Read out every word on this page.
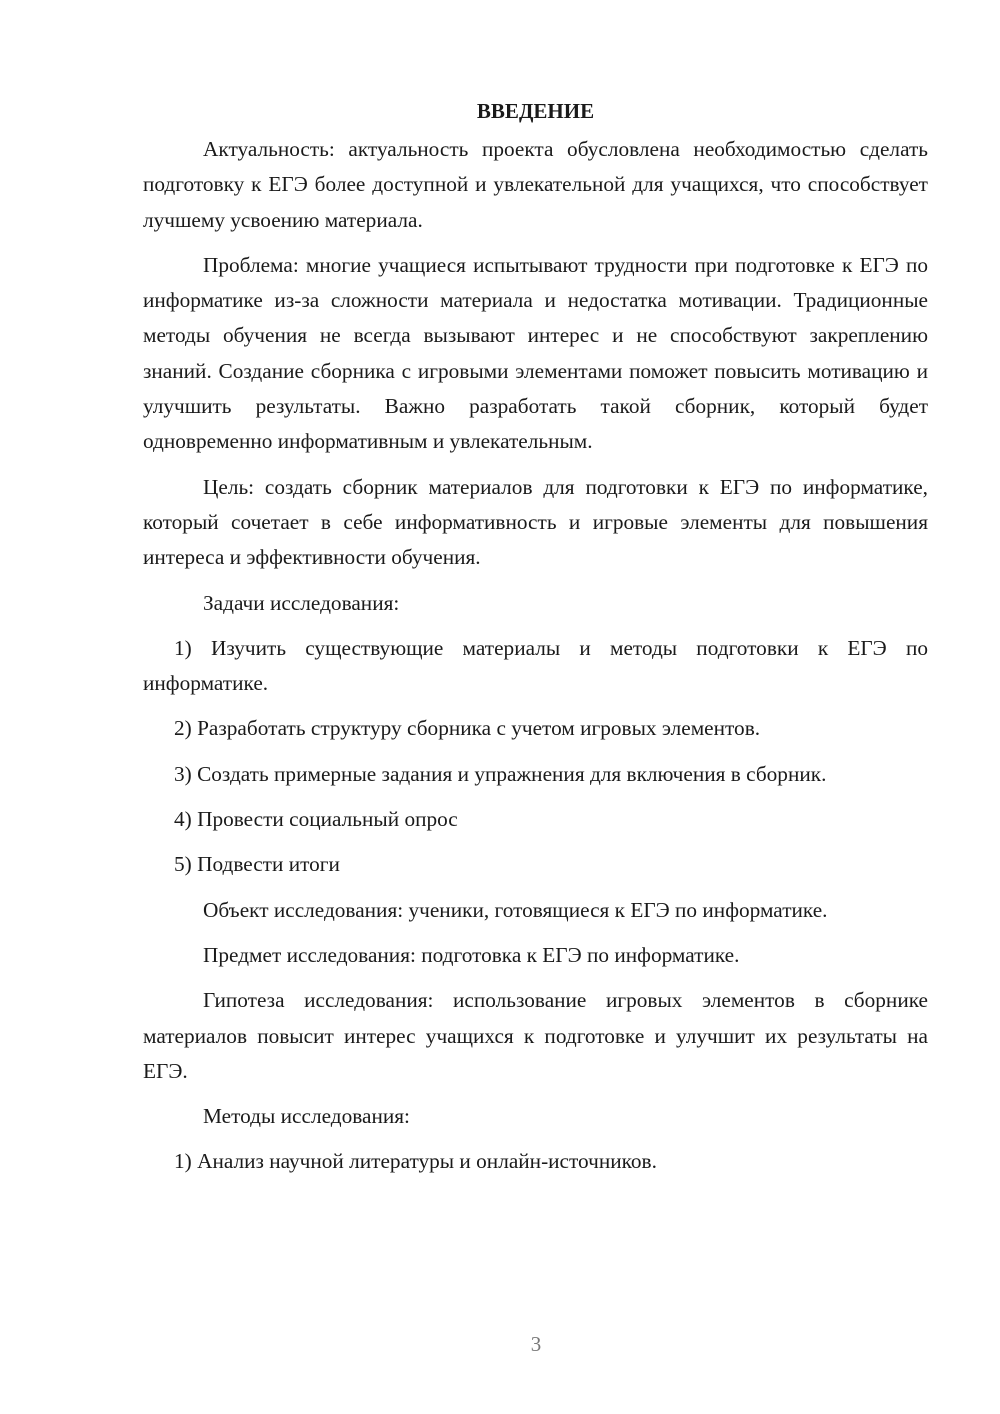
ВВЕДЕНИЕ

Актуальность: актуальность проекта обусловлена необходимостью сделать подготовку к ЕГЭ более доступной и увлекательной для учащихся, что способствует лучшему усвоению материала.

Проблема: многие учащиеся испытывают трудности при подготовке к ЕГЭ по информатике из-за сложности материала и недостатка мотивации. Традиционные методы обучения не всегда вызывают интерес и не способствуют закреплению знаний. Создание сборника с игровыми элементами поможет повысить мотивацию и улучшить результаты. Важно разработать такой сборник, который будет одновременно информативным и увлекательным.

Цель: создать сборник материалов для подготовки к ЕГЭ по информатике, который сочетает в себе информативность и игровые элементы для повышения интереса и эффективности обучения.

Задачи исследования:

1) Изучить существующие материалы и методы подготовки к ЕГЭ по информатике.

2) Разработать структуру сборника с учетом игровых элементов.

3) Создать примерные задания и упражнения для включения в сборник.

4) Провести социальный опрос

5) Подвести итоги

Объект исследования: ученики, готовящиеся к ЕГЭ по информатике.

Предмет исследования: подготовка к ЕГЭ по информатике.

Гипотеза исследования: использование игровых элементов в сборнике материалов повысит интерес учащихся к подготовке и улучшит их результаты на ЕГЭ.

Методы исследования:

1) Анализ научной литературы и онлайн-источников.

3
